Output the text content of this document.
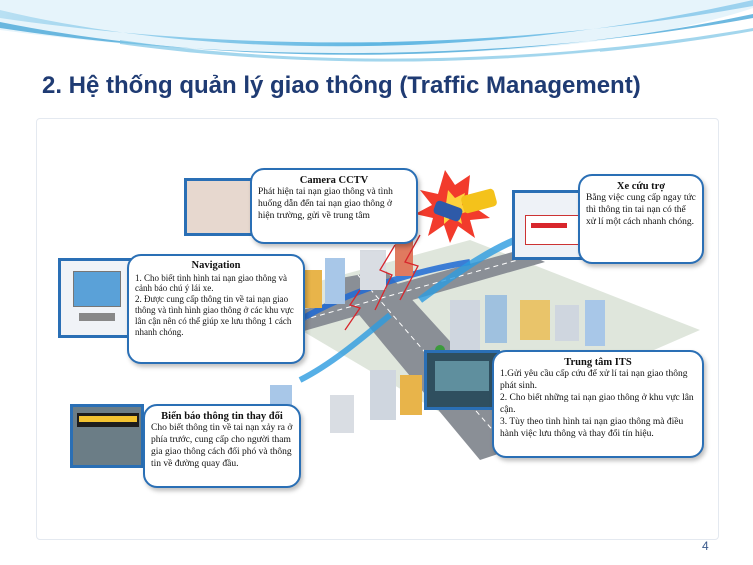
2. Hệ thống quản lý giao thông (Traffic Management)
Camera CCTV

Phát hiện tai nạn giao thông và tình huống dẫn đến tai nạn giao thông ở hiện trường, gửi về trung tâm

Xe cứu trợ

Bằng việc cung cấp ngay tức thì thông tin tai nạn có thể xử lí một cách nhanh chóng.

Navigation

1. Cho biết tình hình tai nạn giao thông và cảnh báo chú ý lái xe.

2. Được cung cấp thông tin về tai nạn giao thông và tình hình giao thông ở các khu vực lân cận nên có thể giúp xe lưu thông 1 cách nhanh chóng.

Trung tâm ITS

1.Gửi yêu cầu cấp cứu để xử lí tai nạn giao thông phát sinh.

2. Cho biết những tai nạn giao thông ở khu vực lân cận.

3. Tùy theo tình hình tai nạn giao thông mà điều hành việc lưu thông và thay đổi tín hiệu.

Biển báo thông tin thay đổi

Cho biết thông tin về tai nạn xảy ra ở phía trước, cung cấp cho người tham gia giao thông cách đối phó và thông tin về đường quay đầu.

4
